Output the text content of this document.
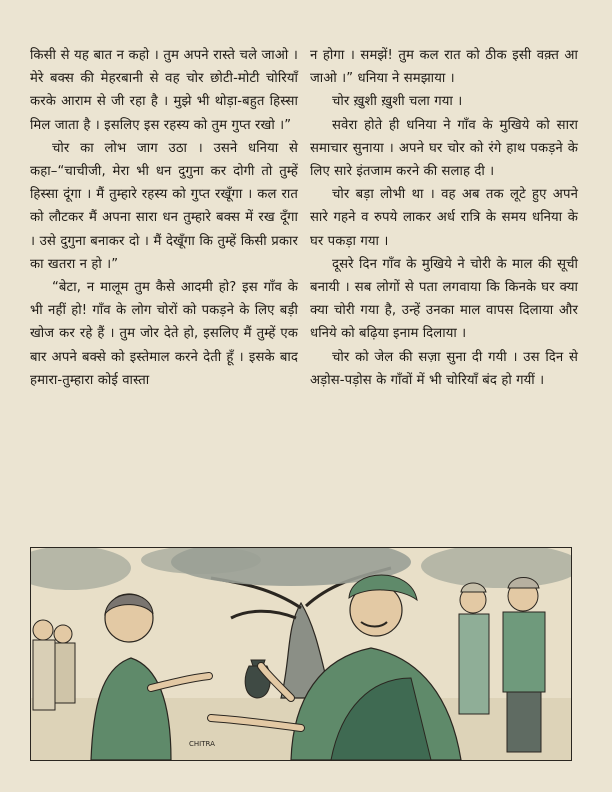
किसी से यह बात न कहो । तुम अपने रास्ते चले जाओ । मेरे बक्स की मेहरबानी से वह चोर छोटी-मोटी चोरियाँ करके आराम से जी रहा है । मुझे भी थोड़ा-बहुत हिस्सा मिल जाता है । इसलिए इस रहस्य को तुम गुप्त रखो ।”

चोर का लोभ जाग उठा । उसने धनिया से कहा–“चाचीजी, मेरा भी धन दुगुना कर दोगी तो तुम्हें हिस्सा दूंगा । मैं तुम्हारे रहस्य को गुप्त रखूँगा । कल रात को लौटकर मैं अपना सारा धन तुम्हारे बक्स में रख दूँगा । उसे दुगुना बनाकर दो । मैं देखूँगा कि तुम्हें किसी प्रकार का खतरा न हो ।”

“बेटा, न मालूम तुम कैसे आदमी हो? इस गाँव के भी नहीं हो! गाँव के लोग चोरों को पकड़ने के लिए बड़ी खोज कर रहे हैं । तुम जोर देते हो, इसलिए मैं तुम्हें एक बार अपने बक्से को इस्तेमाल करने देती हूँ । इसके बाद हमारा-तुम्हारा कोई वास्ता

न होगा । समझें! तुम कल रात को ठीक इसी वक़्त आ जाओ ।” धनिया ने समझाया ।

चोर ख़ुशी ख़ुशी चला गया ।

सवेरा होते ही धनिया ने गाँव के मुखिये को सारा समाचार सुनाया । अपने घर चोर को रंगे हाथ पकड़ने के लिए सारे इंतजाम करने की सलाह दी ।

चोर बड़ा लोभी था । वह अब तक लूटे हुए अपने सारे गहने व रुपये लाकर अर्ध रात्रि के समय धनिया के घर पकड़ा गया ।

दूसरे दिन गाँव के मुखिये ने चोरी के माल की सूची बनायी । सब लोगों से पता लगवाया कि किनके घर क्या क्या चोरी गया है, उन्हें उनका माल वापस दिलाया और धनिये को बढ़िया इनाम दिलाया ।

चोर को जेल की सज़ा सुना दी गयी । उस दिन से अड़ोस-पड़ोस के गाँवों में भी चोरियाँ बंद हो गयीं ।

CHITRA
